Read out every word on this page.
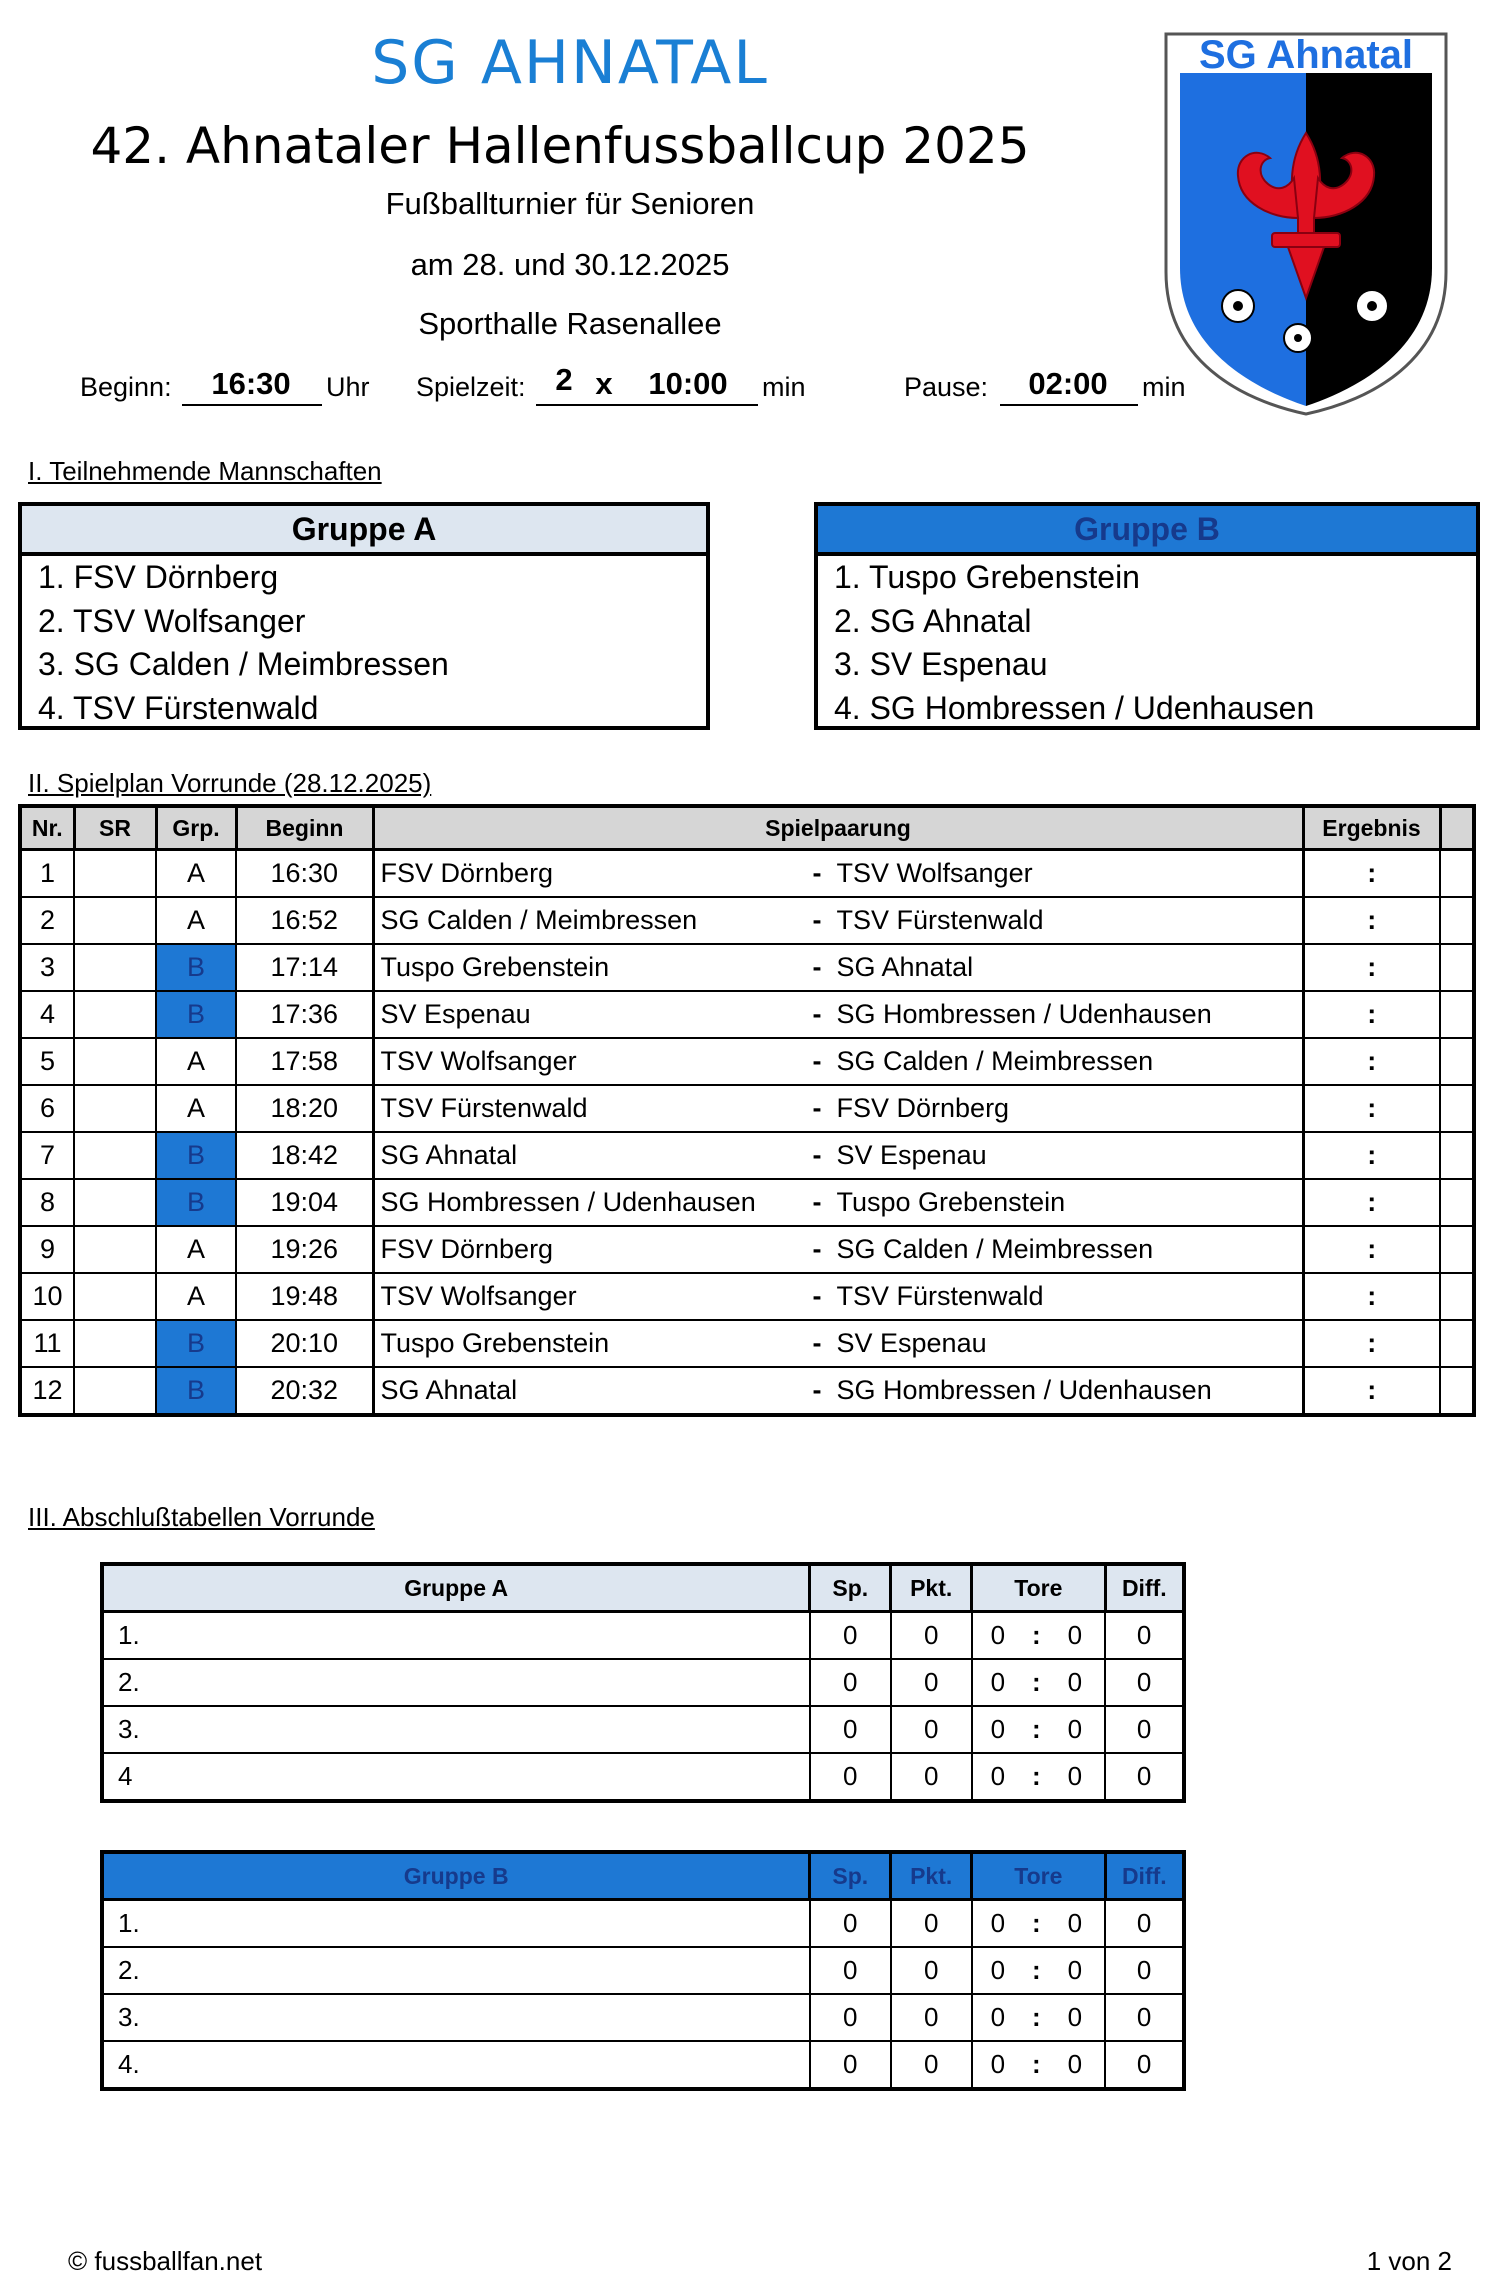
SG AHNATAL
42. Ahnataler Hallenfussballcup 2025
Fußballturnier für Senioren
am 28. und 30.12.2025
Sporthalle Rasenallee
Beginn:	16:30	Uhr Spielzeit: 2 x	10:00	min	Pause:	02:00	min
SG Ahnatal
I. Teilnehmende Mannschaften
Gruppe A
1. FSV Dörnberg
2. TSV Wolfsanger
3. SG Calden / Meimbressen
4. TSV Fürstenwald
Gruppe B
1. Tuspo Grebenstein
2. SG Ahnatal
3. SV Espenau
4. SG Hombressen / Udenhausen
II. Spielplan Vorrunde (28.12.2025)
Nr.	SR	Grp.	Beginn	Spielpaarung	Ergebnis	
1		A	16:30	FSV Dörnberg - TSV Wolfsanger	:	
2		A	16:52	SG Calden / Meimbressen - TSV Fürstenwald	:	
3		B	17:14	Tuspo Grebenstein - SG Ahnatal	:	
4		B	17:36	SV Espenau - SG Hombressen / Udenhausen	:	
5		A	17:58	TSV Wolfsanger - SG Calden / Meimbressen	:	
6		A	18:20	TSV Fürstenwald - FSV Dörnberg	:	
7		B	18:42	SG Ahnatal - SV Espenau	:	
8		B	19:04	SG Hombressen / Udenhausen - Tuspo Grebenstein	:	
9		A	19:26	FSV Dörnberg - SG Calden / Meimbressen	:	
10		A	19:48	TSV Wolfsanger - TSV Fürstenwald	:	
11		B	20:10	Tuspo Grebenstein - SV Espenau	:	
12		B	20:32	SG Ahnatal - SG Hombressen / Udenhausen	:	
III. Abschlußtabellen Vorrunde
Gruppe A	Sp.	Pkt.	Tore	Diff.
1.	0	0	0 : 0	0
2.	0	0	0 : 0	0
3.	0	0	0 : 0	0
4	0	0	0 : 0	0
Gruppe B	Sp.	Pkt.	Tore	Diff.
1.	0	0	0 : 0	0
2.	0	0	0 : 0	0
3.	0	0	0 : 0	0
4.	0	0	0 : 0	0
© fussballfan.net	1 von 2
